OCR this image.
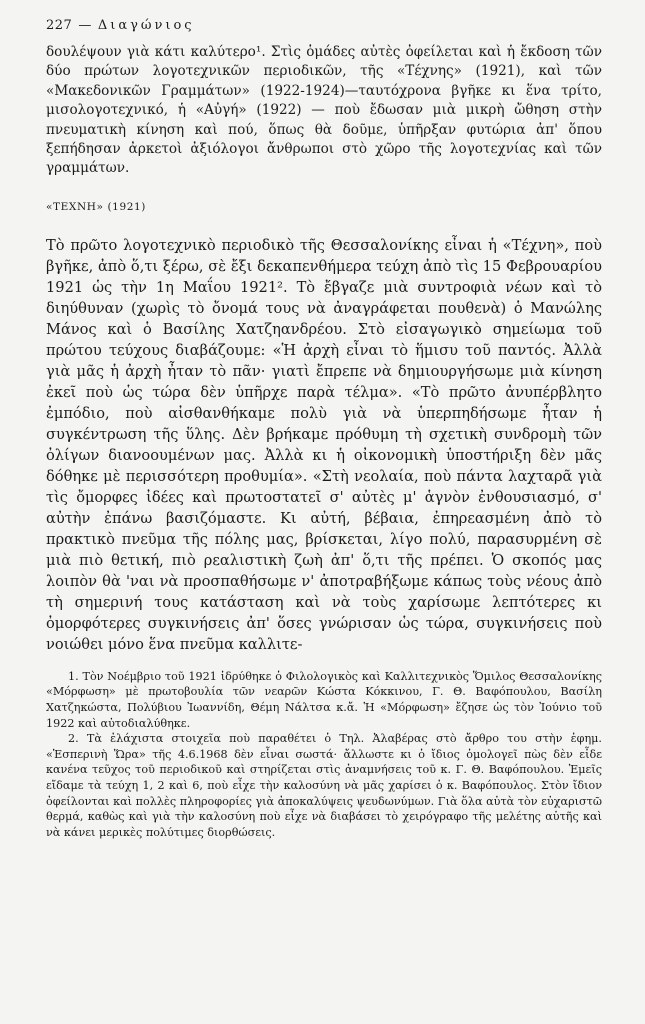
227 — Διαγώνιος

δουλέψουν γιὰ κάτι καλύτερο¹. Στὶς ὁμάδες αὐτὲς ὀφείλεται καὶ ἡ ἔκδοση τῶν δύο πρώτων λογοτεχνικῶν περιοδικῶν, τῆς «Τέχνης» (1921), καὶ τῶν «Μακεδονικῶν Γραμμάτων» (1922-1924)—ταυτόχρονα βγῆκε κι ἕνα τρίτο, μισολογοτεχνικό, ἡ «Αὐγή» (1922) — ποὺ ἔδωσαν μιὰ μικρὴ ὤθηση στὴν πνευματικὴ κίνηση καὶ πού, ὅπως θὰ δοῦμε, ὑπῆρξαν φυτώρια ἀπ' ὅπου ξεπήδησαν ἀρκετοὶ ἀξιόλογοι ἄνθρωποι στὸ χῶρο τῆς λογοτεχνίας καὶ τῶν γραμμάτων.

«ΤΕΧΝΗ» (1921)

Τὸ πρῶτο λογοτεχνικὸ περιοδικὸ τῆς Θεσσαλονίκης εἶναι ἡ «Τέχνη», ποὺ βγῆκε, ἀπὸ ὅ,τι ξέρω, σὲ ἔξι δεκαπενθήμερα τεύχη ἀπὸ τὶς 15 Φεβρουαρίου 1921 ὡς τὴν 1η Μαΐου 1921². Τὸ ἔβγαζε μιὰ συντροφιὰ νέων καὶ τὸ διηύθυναν (χωρὶς τὸ ὄνομά τους νὰ ἀναγράφεται πουθενὰ) ὁ Μανώλης Μάνος καὶ ὁ Βασίλης Χατζηανδρέου. Στὸ εἰσαγωγικὸ σημείωμα τοῦ πρώτου τεύχους διαβάζουμε: «Ἡ ἀρχὴ εἶναι τὸ ἥμισυ τοῦ παντός. Ἀλλὰ γιὰ μᾶς ἡ ἀρχὴ ἦταν τὸ πᾶν· γιατὶ ἔπρεπε νὰ δημιουργήσωμε μιὰ κίνηση ἐκεῖ ποὺ ὡς τώρα δὲν ὑπῆρχε παρὰ τέλμα». «Τὸ πρῶτο ἀνυπέρβλητο ἐμπόδιο, ποὺ αἰσθανθήκαμε πολὺ γιὰ νὰ ὑπερπηδήσωμε ἦταν ἡ συγκέντρωση τῆς ὕλης. Δὲν βρήκαμε πρόθυμη τὴ σχετικὴ συνδρομὴ τῶν ὀλίγων διανοουμένων μας. Ἀλλὰ κι ἡ οἰκονομικὴ ὑποστήριξη δὲν μᾶς δόθηκε μὲ περισσότερη προθυμία». «Στὴ νεολαία, ποὺ πάντα λαχταρᾶ γιὰ τὶς ὄμορφες ἰδέες καὶ πρωτοστατεῖ σ' αὐτὲς μ' ἁγνὸν ἐνθουσιασμό, σ' αὐτὴν ἐπάνω βασιζόμαστε. Κι αὐτή, βέβαια, ἐπηρεασμένη ἀπὸ τὸ πρακτικὸ πνεῦμα τῆς πόλης μας, βρίσκεται, λίγο πολύ, παρασυρμένη σὲ μιὰ πιὸ θετική, πιὸ ρεαλιστικὴ ζωὴ ἀπ' ὅ,τι τῆς πρέπει. Ὁ σκοπός μας λοιπὸν θὰ 'ναι νὰ προσπαθήσωμε ν' ἀποτραβήξωμε κάπως τοὺς νέους ἀπὸ τὴ σημερινή τους κατάσταση καὶ νὰ τοὺς χαρίσωμε λεπτότερες κι ὀμορφότερες συγκινήσεις ἀπ' ὅσες γνώρισαν ὡς τώρα, συγκινήσεις ποὺ νοιώθει μόνο ἕνα πνεῦμα καλλιτε-

1. Τὸν Νοέμβριο τοῦ 1921 ἱδρύθηκε ὁ Φιλολογικὸς καὶ Καλλιτεχνικὸς Ὅμιλος Θεσσαλονίκης «Μόρφωση» μὲ πρωτοβουλία τῶν νεαρῶν Κώστα Κόκκινου, Γ. Θ. Βαφόπουλου, Βασίλη Χατζηκώστα, Πολύβιου Ἰωαννίδη, Θέμη Νάλτσα κ.ἄ. Ἡ «Μόρφωση» ἔζησε ὡς τὸν Ἰούνιο τοῦ 1922 καὶ αὐτοδιαλύθηκε.

2. Τὰ ἐλάχιστα στοιχεῖα ποὺ παραθέτει ὁ Τηλ. Ἀλαβέρας στὸ ἄρθρο του στὴν ἐφημ. «Ἑσπερινὴ Ὥρα» τῆς 4.6.1968 δὲν εἶναι σωστά· ἄλλωστε κι ὁ ἴδιος ὁμολογεῖ πὼς δὲν εἶδε κανένα τεῦχος τοῦ περιοδικοῦ καὶ στηρίζεται στὶς ἀναμνήσεις τοῦ κ. Γ. Θ. Βαφόπουλου. Ἐμεῖς εἴδαμε τὰ τεύχη 1, 2 καὶ 6, ποὺ εἶχε τὴν καλοσύνη νὰ μᾶς χαρίσει ὁ κ. Βαφόπουλος. Στὸν ἴδιον ὀφείλονται καὶ πολλὲς πληροφορίες γιὰ ἀποκαλύψεις ψευδωνύμων. Γιὰ ὅλα αὐτὰ τὸν εὐχαριστῶ θερμά, καθὼς καὶ γιὰ τὴν καλοσύνη ποὺ εἶχε νὰ διαβάσει τὸ χειρόγραφο τῆς μελέτης αὐτῆς καὶ νὰ κάνει μερικὲς πολύτιμες διορθώσεις.
